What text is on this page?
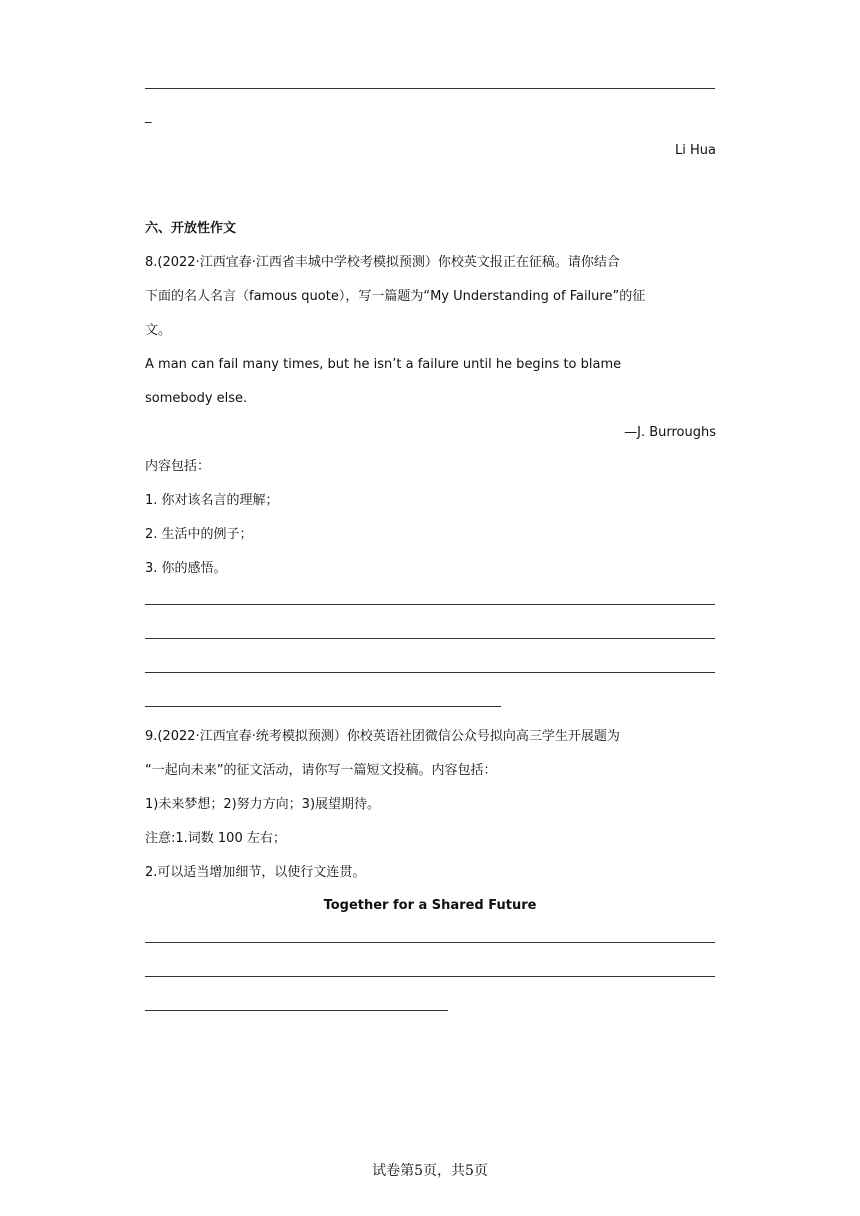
_
Li Hua
六、开放性作文
8.(2022·江西宜春·江西省丰城中学校考模拟预测）你校英文报正在征稿。请你结合
下面的名人名言（famous quote），写一篇题为“My Understanding of Failure”的征
文。
A man can fail many times, but he isn’t a failure until he begins to blame
somebody else.
—J. Burroughs
内容包括：
1. 你对该名言的理解；
2. 生活中的例子；
3. 你的感悟。
9.(2022·江西宜春·统考模拟预测）你校英语社团微信公众号拟向高三学生开展题为
“一起向未来”的征文活动，请你写一篇短文投稿。内容包括：
1)未来梦想；2)努力方向；3)展望期待。
注意:1.词数 100 左右；
2.可以适当增加细节，以使行文连贯。
Together for a Shared Future
试卷第5页，共5页
